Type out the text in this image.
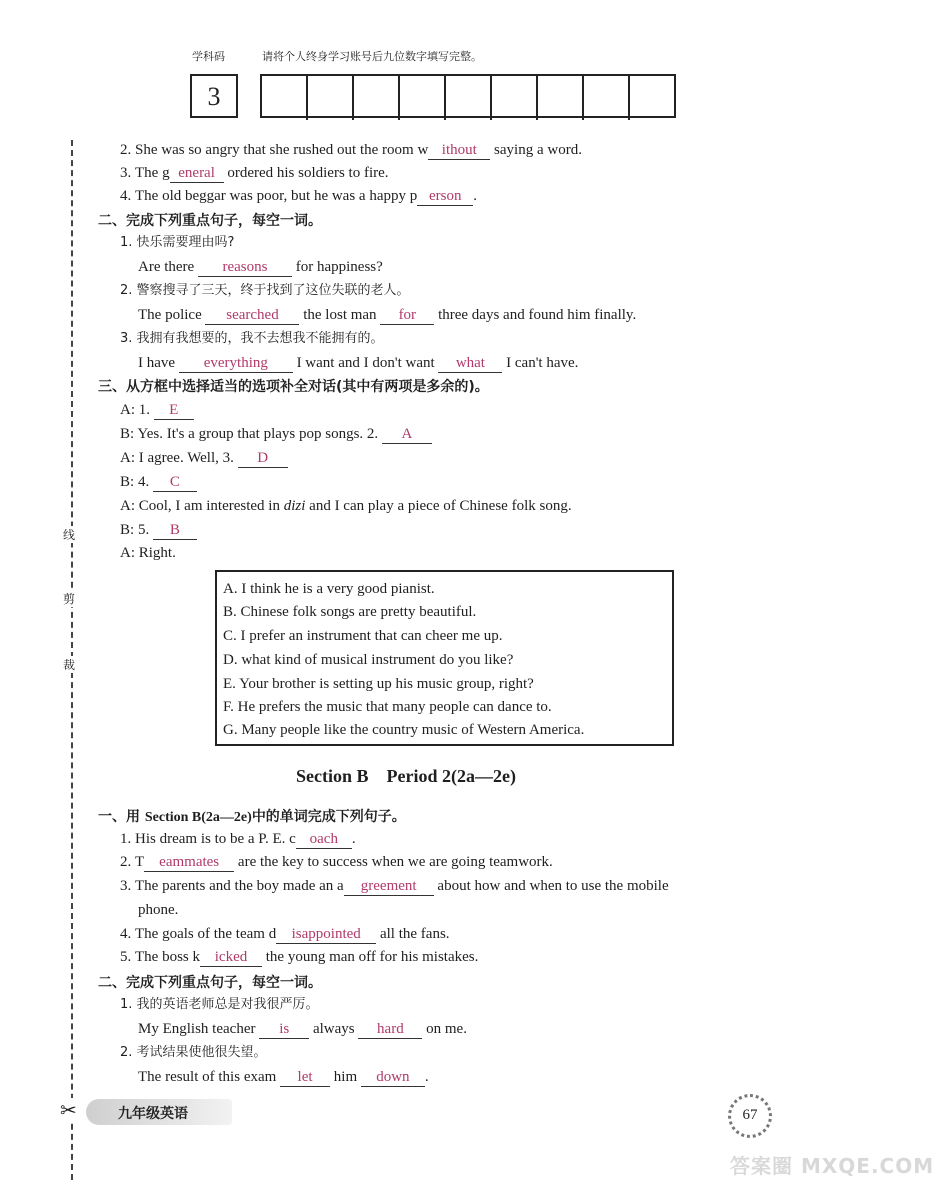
学科码	请将个人终身学习账号后九位数字填写完整。
3
线
剪
裁
✂
2. She was so angry that she rushed out the room w ithout saying a word.
3. The g eneral ordered his soldiers to fire.
4. The old beggar was poor, but he was a happy p erson .
二、完成下列重点句子，每空一词。
1. 快乐需要理由吗?
Are there reasons for happiness?
2. 警察搜寻了三天，终于找到了这位失联的老人。
The police searched the lost man for three days and found him finally.
3. 我拥有我想要的，我不去想我不能拥有的。
I have everything I want and I don't want what I can't have.
三、从方框中选择适当的选项补全对话(其中有两项是多余的)。
A: 1. E
B: Yes. It's a group that plays pop songs. 2. A
A: I agree. Well, 3. D
B: 4. C
A: Cool, I am interested in dizi and I can play a piece of Chinese folk song.
B: 5. B
A: Right.
A. I think he is a very good pianist.
B. Chinese folk songs are pretty beautiful.
C. I prefer an instrument that can cheer me up.
D. what kind of musical instrument do you like?
E. Your brother is setting up his music group, right?
F. He prefers the music that many people can dance to.
G. Many people like the country music of Western America.
Section B    Period 2(2a—2e)
一、用 Section B(2a—2e)中的单词完成下列句子。
1. His dream is to be a P. E. c oach .
2. T eammates are the key to success when we are going teamwork.
3. The parents and the boy made an a greement about how and when to use the mobile
phone.
4. The goals of the team d isappointed all the fans.
5. The boss k icked the young man off for his mistakes.
二、完成下列重点句子，每空一词。
1. 我的英语老师总是对我很严厉。
My English teacher is always hard on me.
2. 考试结果使他很失望。
The result of this exam let him down .
九年级英语	67
答案圈 MXQE.COM
